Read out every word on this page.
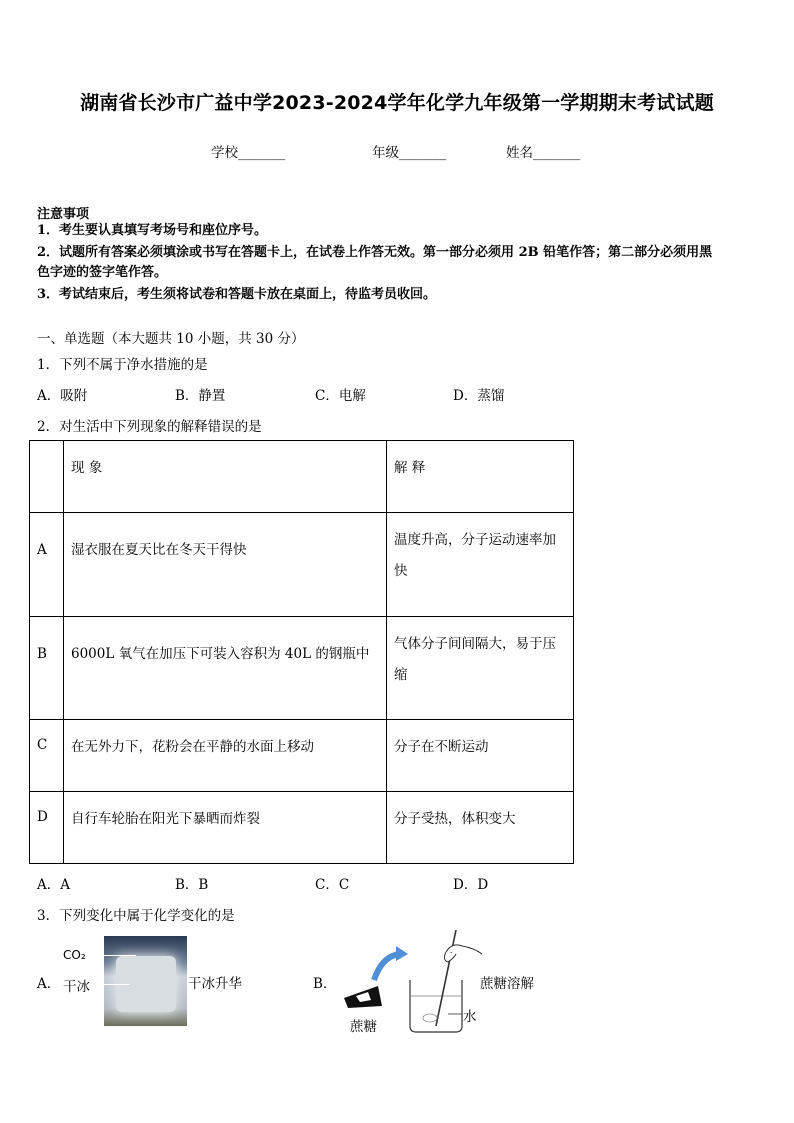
湖南省长沙市广益中学2023-2024学年化学九年级第一学期期末考试试题
学校_______	年级_______	姓名_______
注意事项
1．考生要认真填写考场号和座位序号。
2．试题所有答案必须填涂或书写在答题卡上，在试卷上作答无效。第一部分必须用 2B 铅笔作答；第二部分必须用黑
色字迹的签字笔作答。
3．考试结束后，考生须将试卷和答题卡放在桌面上，待监考员收回。
一、单选题（本大题共 10 小题，共 30 分）
1．下列不属于净水措施的是
A．吸附	B．静置	C．电解	D．蒸馏
2．对生活中下列现象的解释错误的是

	现 象	解 释

A	湿衣服在夏天比在冬天干得快	温度升高，分子运动速率加快

B	6000L 氧气在加压下可装入容积为 40L 的钢瓶中	气体分子间间隔大，易于压缩

C	在无外力下，花粉会在平静的水面上移动	分子在不断运动

D	自行车轮胎在阳光下暴晒而炸裂	分子受热，体积变大
A．A	B．B	C．C	D．D
3．下列变化中属于化学变化的是
A．
CO₂
干冰	干冰升华	B．	蔗糖溶解
水
蔗糖
